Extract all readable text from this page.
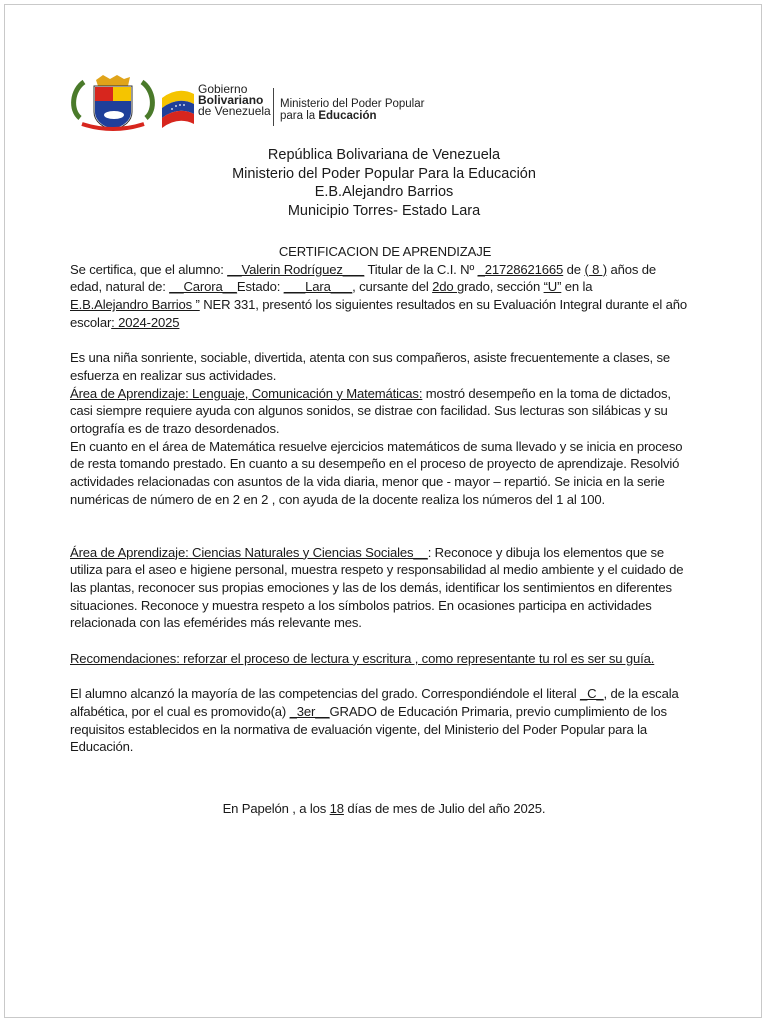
Gobierno
Bolivariano
de Venezuela Ministerio del Poder Popular
para la Educación
República Bolivariana de Venezuela
Ministerio del Poder Popular Para la Educación
E.B.Alejandro Barrios
Municipio Torres- Estado Lara
CERTIFICACION DE APRENDIZAJE
Se certifica, que el alumno: __Valerin Rodríguez___ Titular de la C.I. Nº _21728621665 de ( 8 ) años de
edad, natural de: __Carora__Estado: ___Lara___, cursante del 2do grado, sección “U” en la
E.B.Alejandro Barrios ” NER 331, presentó los siguientes resultados en su Evaluación Integral durante el año
escolar: 2024-2025
Es una niña sonriente, sociable, divertida, atenta con sus compañeros, asiste frecuentemente a clases, se
esfuerza en realizar sus actividades.
Área de Aprendizaje: Lenguaje, Comunicación y Matemáticas: mostró desempeño en la toma de dictados,
casi siempre requiere ayuda con algunos sonidos, se distrae con facilidad. Sus lecturas son silábicas y su
ortografía es de trazo desordenados.
En cuanto en el área de Matemática resuelve ejercicios matemáticos de suma llevado y se inicia en proceso
de resta tomando prestado. En cuanto a su desempeño en el proceso de proyecto de aprendizaje. Resolvió
actividades relacionadas con asuntos de la vida diaria, menor que - mayor – repartió. Se inicia en la serie
numéricas de número de en 2 en 2 , con ayuda de la docente realiza los números del 1 al 100.
Área de Aprendizaje: Ciencias Naturales y Ciencias Sociales__: Reconoce y dibuja los elementos que se
utiliza para el aseo e higiene personal, muestra respeto y responsabilidad al medio ambiente y el cuidado de
las plantas, reconocer sus propias emociones y las de los demás, identificar los sentimientos en diferentes
situaciones. Reconoce y muestra respeto a los símbolos patrios. En ocasiones participa en actividades
relacionada con las efemérides más relevante mes.
Recomendaciones: reforzar el proceso de lectura y escritura , como representante tu rol es ser su guía.
El alumno alcanzó la mayoría de las competencias del grado. Correspondiéndole el literal _C_, de la escala
alfabética, por el cual es promovido(a) _3er__GRADO de Educación Primaria, previo cumplimiento de los
requisitos establecidos en la normativa de evaluación vigente, del Ministerio del Poder Popular para la
Educación.
En Papelón , a los 18 días de mes de Julio del año 2025.
